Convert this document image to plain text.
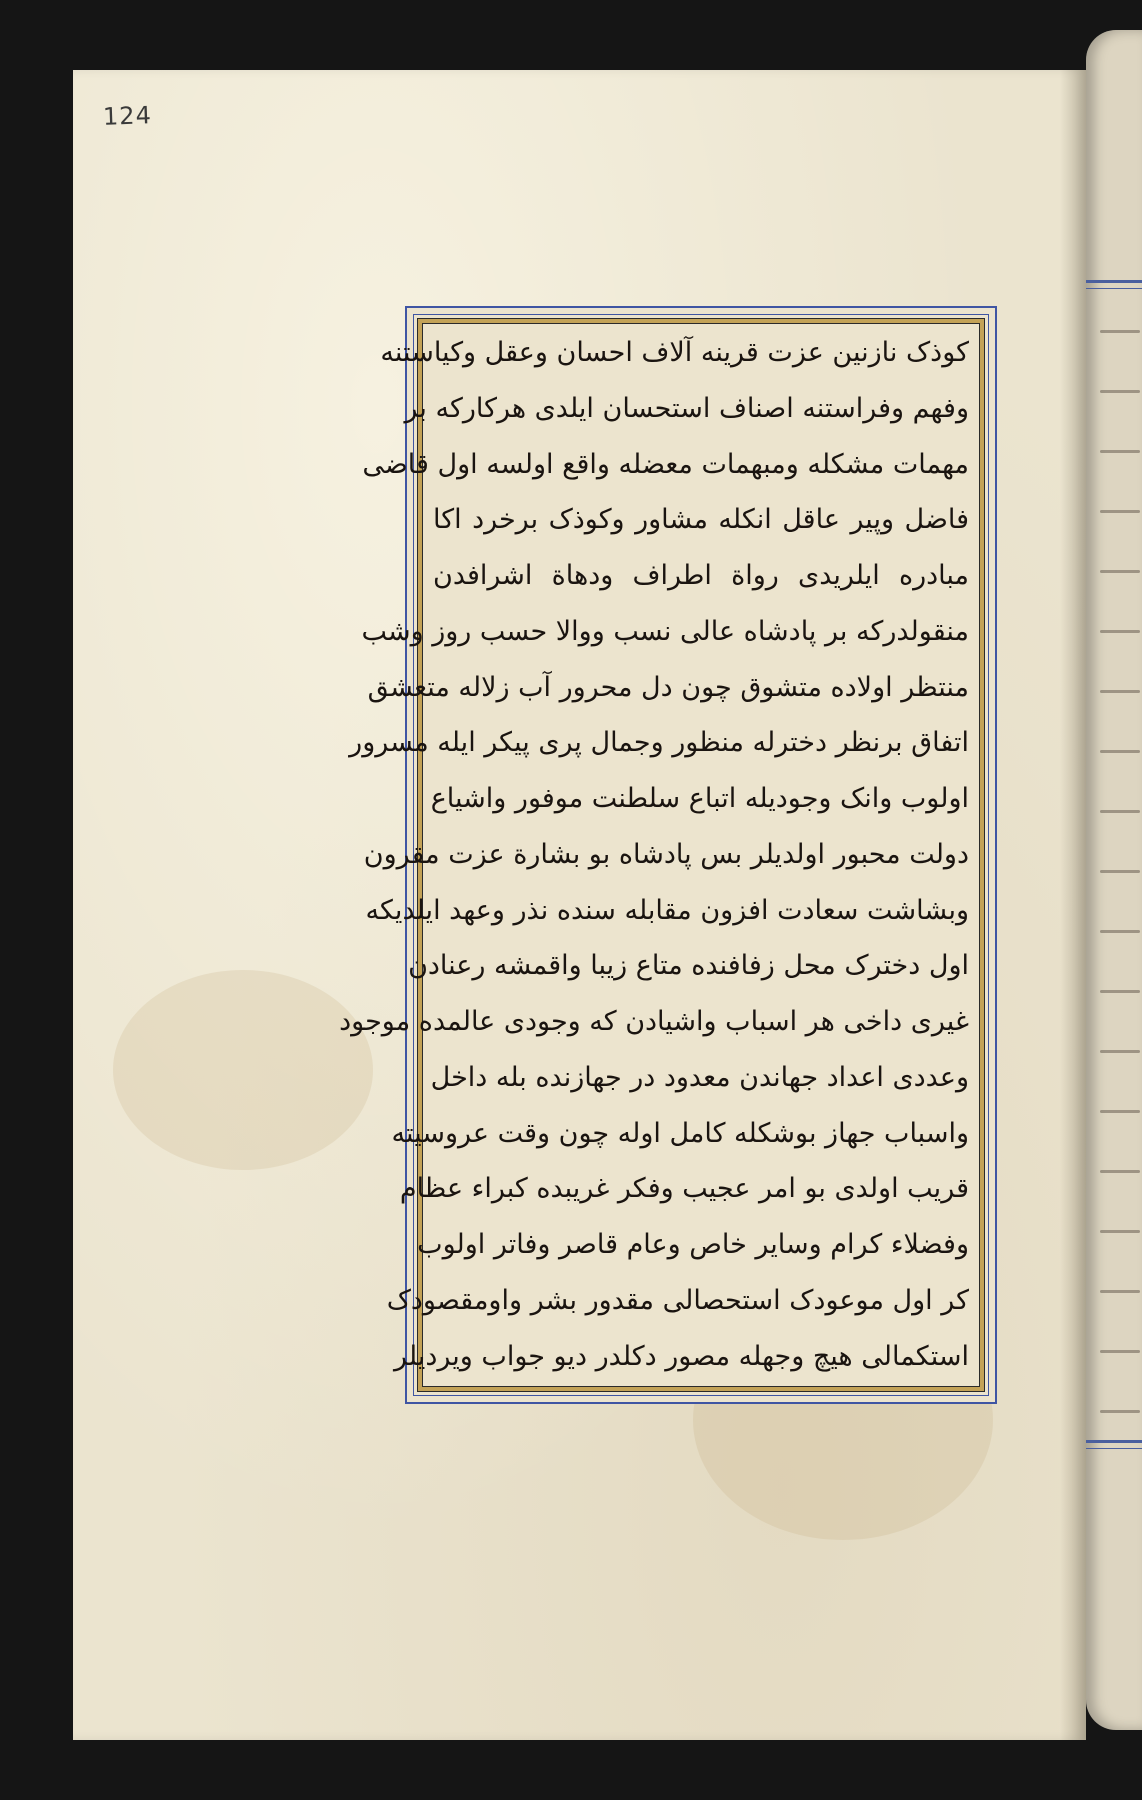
124
کوذک نازنین عزت قرینه آلاف احسان وعقل وکیاستنه
وفهم وفراستنه اصناف استحسان ایلدی هرکارکه بر
مهمات مشکله ومبهمات معضله واقع اولسه اول قاضی
فاضل وپیر عاقل انکله مشاور وکوذک برخرد اکا
مبادره ایلریدی رواة اطراف ودهاة اشرافدن
منقولدرکه بر پادشاه عالی نسب ووالا حسب روز وشب
منتظر اولاده متشوق چون دل محرور آب زلاله متعشق
اتفاق برنظر دخترله منظور وجمال پری پیکر ایله مسرور
اولوب وانک وجودیله اتباع سلطنت موفور واشیاع
دولت محبور اولدیلر بس پادشاه بو بشارة عزت مقرون
وبشاشت سعادت افزون مقابله سنده نذر وعهد ایلدیکه
اول دخترک محل زفافنده متاع زیبا واقمشه رعنادن
غیری داخی هر اسباب واشیادن که وجودی عالمده موجود
وعددی اعداد جهاندن معدود در جهازنده بله داخل
واسباب جهاز بوشکله کامل اوله چون وقت عروسیته
قریب اولدی بو امر عجیب وفکر غریبده کبراء عظام
وفضلاء کرام وسایر خاص وعام قاصر وفاتر اولوب
کر اول موعودک استحصالی مقدور بشر واومقصودک
استکمالی هیچ وجهله مصور دکلدر دیو جواب ویردیلر
